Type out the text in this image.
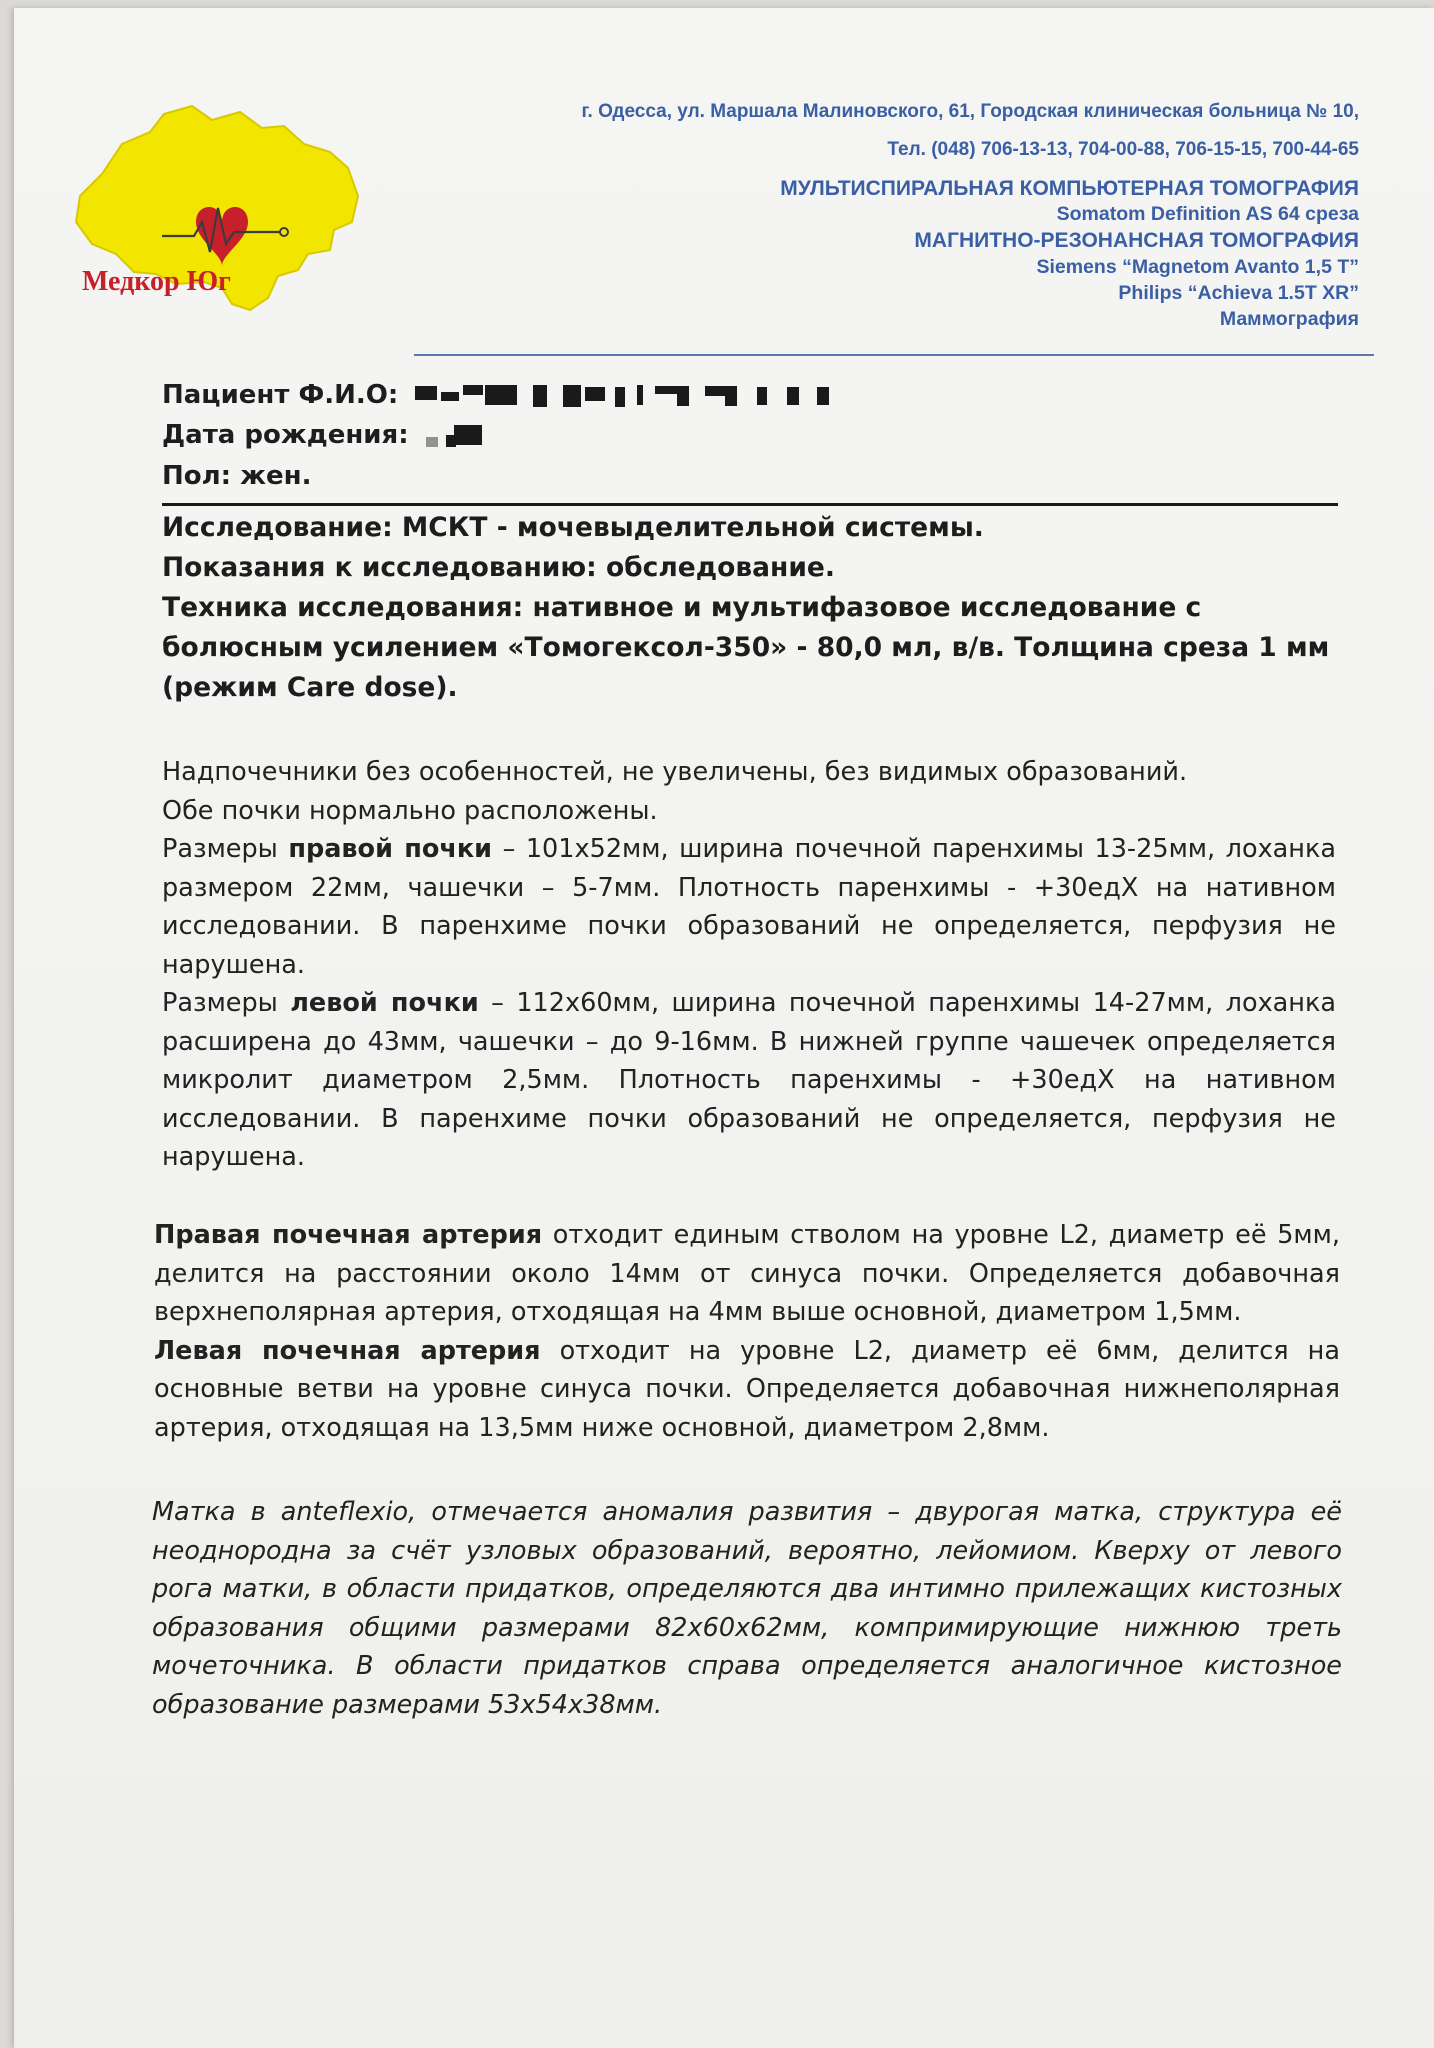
Медкор Юг
г. Одесса, ул. Маршала Малиновского, 61, Городская клиническая больница № 10,
Тел. (048) 706-13-13, 704-00-88, 706-15-15, 700-44-65
МУЛЬТИСПИРАЛЬНАЯ КОМПЬЮТЕРНАЯ ТОМОГРАФИЯ
Somatom Definition AS 64 среза
МАГНИТНО-РЕЗОНАНСНАЯ ТОМОГРАФИЯ
Siemens “Magnetom Avanto 1,5 T”
Philips “Achieva 1.5T XR”
Маммография
Пациент Ф.И.О:
Дата рождения:
Пол: жен.

Исследование: МСКТ - мочевыделительной системы.

Показания к исследованию: обследование.

Техника исследования: нативное и мультифазовое исследование с болюсным усилением «Томогексол-350» - 80,0 мл, в/в. Толщина среза 1 мм (режим Care dose).

Надпочечники без особенностей, не увеличены, без видимых образований.

Обе почки нормально расположены.

Размеры правой почки – 101х52мм, ширина почечной паренхимы 13-25мм, лоханка размером 22мм, чашечки – 5-7мм. Плотность паренхимы - +30едХ на нативном исследовании. В паренхиме почки образований не определяется, перфузия не нарушена.

Размеры левой почки – 112х60мм, ширина почечной паренхимы 14-27мм, лоханка расширена до 43мм, чашечки – до 9-16мм. В нижней группе чашечек определяется микролит диаметром 2,5мм. Плотность паренхимы - +30едХ на нативном исследовании. В паренхиме почки образований не определяется, перфузия не нарушена.

Правая почечная артерия отходит единым стволом на уровне L2, диаметр её 5мм, делится на расстоянии около 14мм от синуса почки. Определяется добавочная верхнеполярная артерия, отходящая на 4мм выше основной, диаметром 1,5мм.

Левая почечная артерия отходит на уровне L2, диаметр её 6мм, делится на основные ветви на уровне синуса почки. Определяется добавочная нижнеполярная артерия, отходящая на 13,5мм ниже основной, диаметром 2,8мм.

Матка в anteflexio, отмечается аномалия развития – двурогая матка, структура её неоднородна за счёт узловых образований, вероятно, лейомиом. Кверху от левого рога матки, в области придатков, определяются два интимно прилежащих кистозных образования общими размерами 82х60х62мм, компримирующие нижнюю треть мочеточника. В области придатков справа определяется аналогичное кистозное образование размерами 53х54х38мм.
